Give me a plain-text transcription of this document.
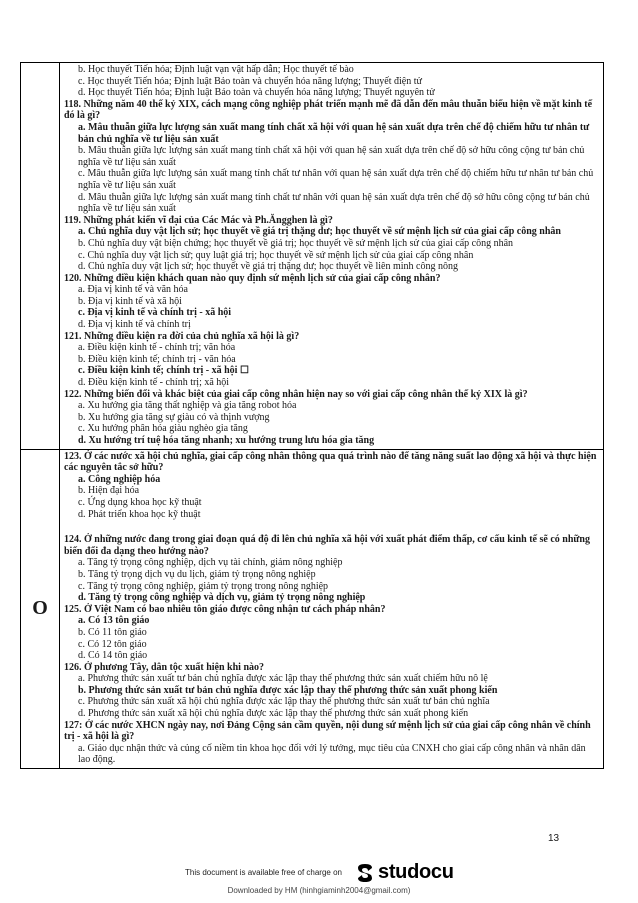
b. Học thuyết Tiến hóa; Định luật vạn vật hấp dẫn; Học thuyết tế bào

c. Học thuyết Tiến hóa; Định luật Bảo toàn và chuyển hóa năng lượng; Thuyết điện tử

d. Học thuyết Tiến hóa; Định luật Bảo toàn và chuyển hóa năng lượng; Thuyết nguyên tử

118. Những năm 40 thế kỷ XIX, cách mạng công nghiệp phát triển mạnh mẽ đã dẫn đến mâu thuẫn biểu hiện về mặt kinh tế đó là gì?

a. Mâu thuẫn giữa lực lượng sản xuất mang tính chất xã hội với quan hệ sản xuất dựa trên chế độ chiếm hữu tư nhân tư bản chủ nghĩa về tư liệu sản xuất

b. Mâu thuẫn giữa lực lượng sản xuất mang tính chất xã hội với quan hệ sản xuất dựa trên chế độ sở hữu công cộng tư bản chủ nghĩa về tư liệu sản xuất

c. Mâu thuẫn giữa lực lượng sản xuất mang tính chất tư nhân với quan hệ sản xuất dựa trên chế độ chiếm hữu tư nhân tư bản chủ nghĩa về tư liệu sản xuất

d. Mâu thuẫn giữa lực lượng sản xuất mang tính chất tư nhân với quan hệ sản xuất dựa trên chế độ sở hữu công cộng tư bản chủ nghĩa về tư liệu sản xuất

119. Những phát kiến vĩ đại của Các Mác và Ph.Ăngghen là gì?

a. Chủ nghĩa duy vật lịch sử; học thuyết về giá trị thặng dư; học thuyết về sứ mệnh lịch sử của giai cấp công nhân

b. Chủ nghĩa duy vật biện chứng; học thuyết về giá trị; học thuyết về sứ mệnh lịch sử của giai cấp công nhân

c. Chủ nghĩa duy vật lịch sử; quy luật giá trị; học thuyết về sứ mệnh lịch sử của giai cấp công nhân

d. Chủ nghĩa duy vật lịch sử; học thuyết về giá trị thặng dư; học thuyết về liên minh công nông

120. Những điều kiện khách quan nào quy định sứ mệnh lịch sử của giai cấp công nhân?

a. Địa vị kinh tế và văn hóa

b. Địa vị kinh tế và xã hội

c. Địa vị kinh tế và chính trị - xã hội

d. Địa vị kinh tế và chính trị

121. Những điều kiện ra đời của chủ nghĩa xã hội là gì?

a. Điều kiện kinh tế - chính trị; văn hóa

b. Điều kiện kinh tế; chính trị - văn hóa

c. Điều kiện kinh tế; chính trị - xã hội ☐

d. Điều kiện kinh tế - chính trị; xã hội

122. Những biến đổi và khác biệt của giai cấp công nhân hiện nay so với giai cấp công nhân thế kỷ XIX là gì?

a. Xu hướng gia tăng thất nghiệp và gia tăng robot hóa

b. Xu hướng gia tăng sự giàu có và thịnh vượng

c. Xu hướng phân hóa giàu nghèo gia tăng

d. Xu hướng trí tuệ hóa tăng nhanh; xu hướng trung lưu hóa gia tăng

O

123. Ở các nước xã hội chủ nghĩa, giai cấp công nhân thông qua quá trình nào để tăng năng suất lao động xã hội và thực hiện các nguyên tắc sở hữu?

a. Công nghiệp hóa

b. Hiện đại hóa

c. Ứng dụng khoa học kỹ thuật

d. Phát triển khoa học kỹ thuật

124. Ở những nước đang trong giai đoạn quá độ đi lên chủ nghĩa xã hội với xuất phát điểm thấp, cơ cấu kinh tế sẽ có những biến đổi đa dạng theo hướng nào?

a. Tăng tỷ trọng công nghiệp, dịch vụ tài chính, giảm nông nghiệp

b. Tăng tỷ trọng dịch vụ du lịch, giảm tỷ trọng nông nghiệp

c. Tăng tỷ trọng công nghiệp, giảm tỷ trọng trong nông nghiệp

d. Tăng tỷ trọng công nghiệp và dịch vụ, giảm tỷ trọng nông nghiệp

125. Ở Việt Nam có bao nhiêu tôn giáo được công nhận tư cách pháp nhân?

a. Có 13 tôn giáo

b. Có 11 tôn giáo

c. Có 12 tôn giáo

d. Có 14 tôn giáo

126. Ở phương Tây, dân tộc xuất hiện khi nào?

a. Phương thức sản xuất tư bản chủ nghĩa được xác lập thay thế phương thức sản xuất chiếm hữu nô lệ

b. Phương thức sản xuất tư bản chủ nghĩa được xác lập thay thế phương thức sản xuất phong kiến

c. Phương thức sản xuất xã hội chủ nghĩa được xác lập thay thế phương thức sản xuất tư bản chủ nghĩa

d. Phương thức sản xuất xã hội chủ nghĩa được xác lập thay thế phương thức sản xuất phong kiến

127: Ở các nước XHCN ngày nay, nơi Đảng Cộng sản cầm quyền, nội dung sứ mệnh lịch sử của giai cấp công nhân về chính trị - xã hội là gì?

a. Giáo dục nhận thức và củng cố niềm tin khoa học đối với lý tưởng, mục tiêu của CNXH cho giai cấp công nhân và nhân dân lao động.

13
This document is available free of charge on studocu
Downloaded by HM (hinhgiaminh2004@gmail.com)
